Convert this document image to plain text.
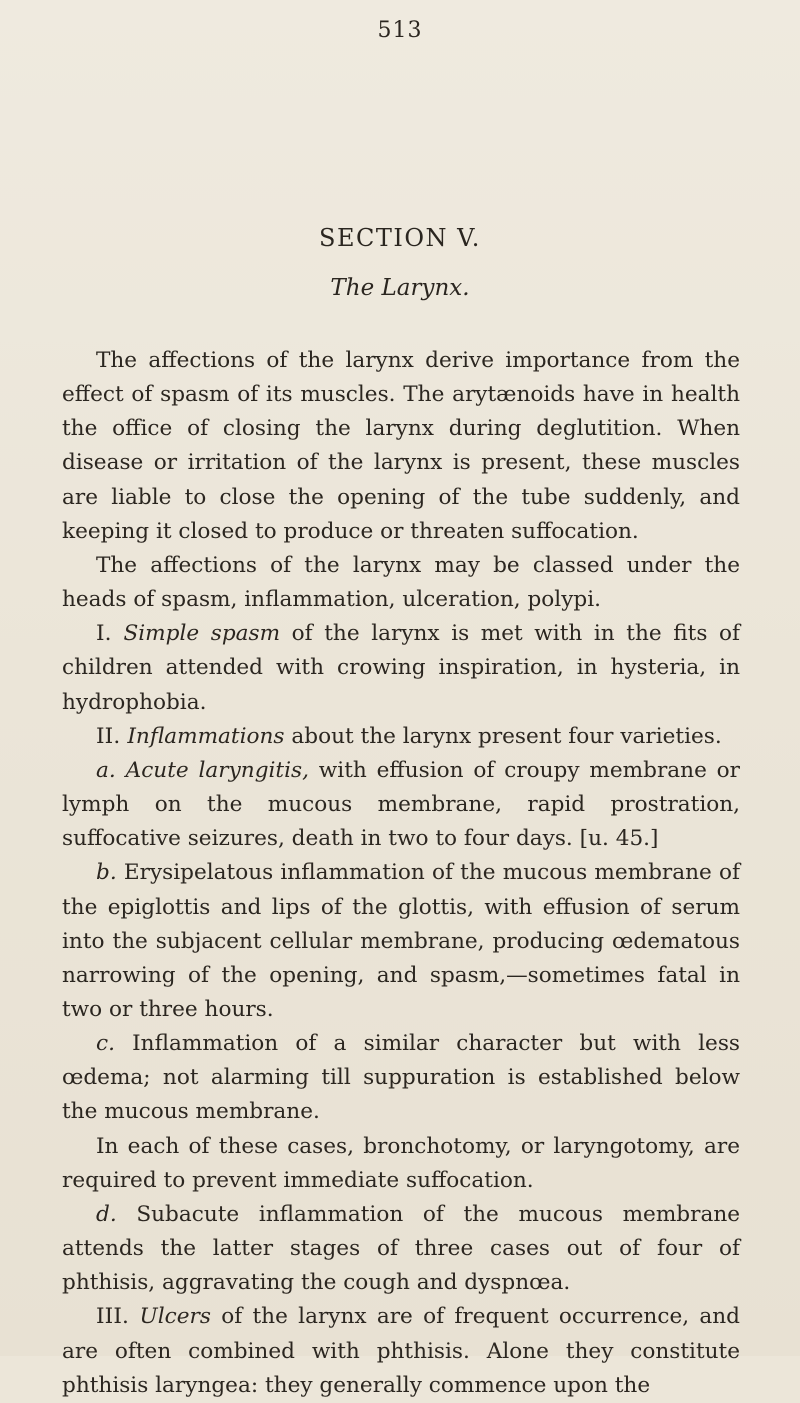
513
SECTION V.
The Larynx.

The affections of the larynx derive importance from the effect of spasm of its muscles. The arytænoids have in health the office of closing the larynx during deglutition. When disease or irritation of the larynx is present, these muscles are liable to close the opening of the tube suddenly, and keeping it closed to produce or threaten suffocation.

The affections of the larynx may be classed under the heads of spasm, inflammation, ulceration, polypi.

I. Simple spasm of the larynx is met with in the fits of children attended with crowing inspiration, in hysteria, in hydrophobia.

II. Inflammations about the larynx present four varieties.

a. Acute laryngitis, with effusion of croupy membrane or lymph on the mucous membrane, rapid prostration, suffocative seizures, death in two to four days. [u. 45.]

b. Erysipelatous inflammation of the mucous membrane of the epiglottis and lips of the glottis, with effusion of serum into the subjacent cellular membrane, producing œdematous narrowing of the opening, and spasm,—sometimes fatal in two or three hours.

c. Inflammation of a similar character but with less œdema; not alarming till suppuration is established below the mucous membrane.

In each of these cases, bronchotomy, or laryngotomy, are required to prevent immediate suffocation.

d. Subacute inflammation of the mucous membrane attends the latter stages of three cases out of four of phthisis, aggravating the cough and dyspnœa.

III. Ulcers of the larynx are of frequent occurrence, and are often combined with phthisis. Alone they constitute phthisis laryngea: they generally commence upon the
